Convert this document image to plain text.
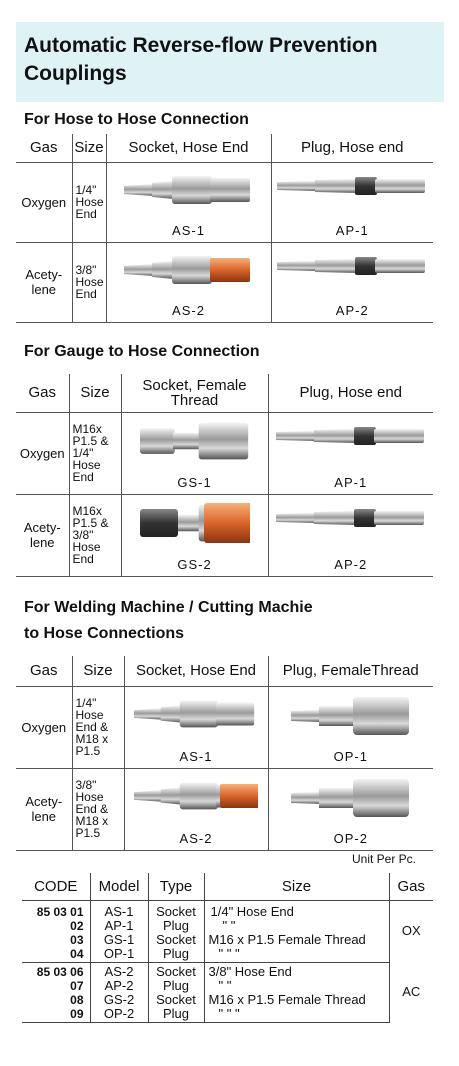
Automatic Reverse-flow Prevention Couplings
For Hose to Hose Connection
Gas	Size	Socket, Hose End	Plug, Hose end
Oxygen	1/4" Hose End	AS-1	AP-1

Acety-lene	3/8" Hose End	AS-2	AP-2
For Gauge to Hose Connection
Gas	Size	Socket, Female Thread	Plug, Hose end
Oxygen	M16x P1.5 & 1/4" Hose End	GS-1	AP-1

Acety-lene	M16x P1.5 & 3/8" Hose End	GS-2	AP-2
For Welding Machine / Cutting Machie
to Hose Connections
Gas	Size	Socket, Hose End	Plug, FemaleThread
Oxygen	1/4" Hose End & M18 x P1.5	AS-1	OP-1

Acety-lene	3/8" Hose End & M18 x P1.5	AS-2	OP-2
Unit Per Pc.
CODE	Model	Type	Size	Gas
85 03 01	AS-1	Socket	1/4" Hose End	OX
02	AP-1	Plug	" "	
03	GS-1	Socket	M16 x P1.5 Female Thread	
04	OP-1	Plug	" " "	
85 03 06	AS-2	Socket	3/8" Hose End	AC
07	AP-2	Plug	" "	
08	GS-2	Socket	M16 x P1.5 Female Thread	
09	OP-2	Plug	" " "	
